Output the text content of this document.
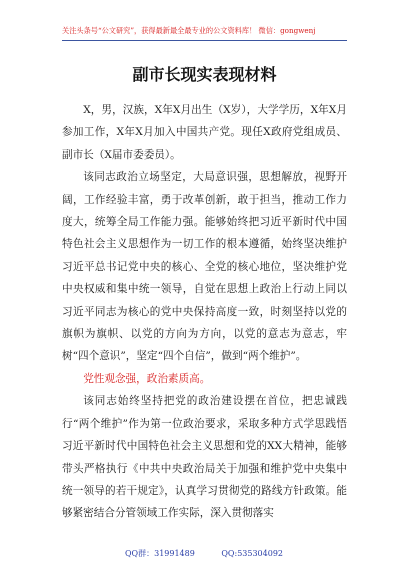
关注头条号“公文研究”，获得最新最全最专业的公文资料库！ 微信：gongwenj
副市长现实表现材料

X，男，汉族，X年X月出生（X岁），大学学历，X年X月参加工作，X年X月加入中国共产党。现任X政府党组成员、副市长（X届市委委员）。

该同志政治立场坚定，大局意识强，思想解放，视野开阔，工作经验丰富，勇于改革创新，敢于担当，推动工作力度大，统筹全局工作能力强。能够始终把习近平新时代中国特色社会主义思想作为一切工作的根本遵循，始终坚决维护习近平总书记党中央的核心、全党的核心地位，坚决维护党中央权威和集中统一领导，自觉在思想上政治上行动上同以习近平同志为核心的党中央保持高度一致，时刻坚持以党的旗帜为旗帜、以党的方向为方向，以党的意志为意志，牢树“四个意识”，坚定“四个自信”，做到“两个维护”。

党性观念强，政治素质高。

该同志始终坚持把党的政治建设摆在首位，把忠诚践行“两个维护”作为第一位政治要求，采取多种方式学思践悟习近平新时代中国特色社会主义思想和党的XX大精神，能够带头严格执行《中共中央政治局关于加强和维护党中央集中统一领导的若干规定》，认真学习贯彻党的路线方针政策。能够紧密结合分管领域工作实际，深入贯彻落实

QQ群：31991489	QQ:535304092
